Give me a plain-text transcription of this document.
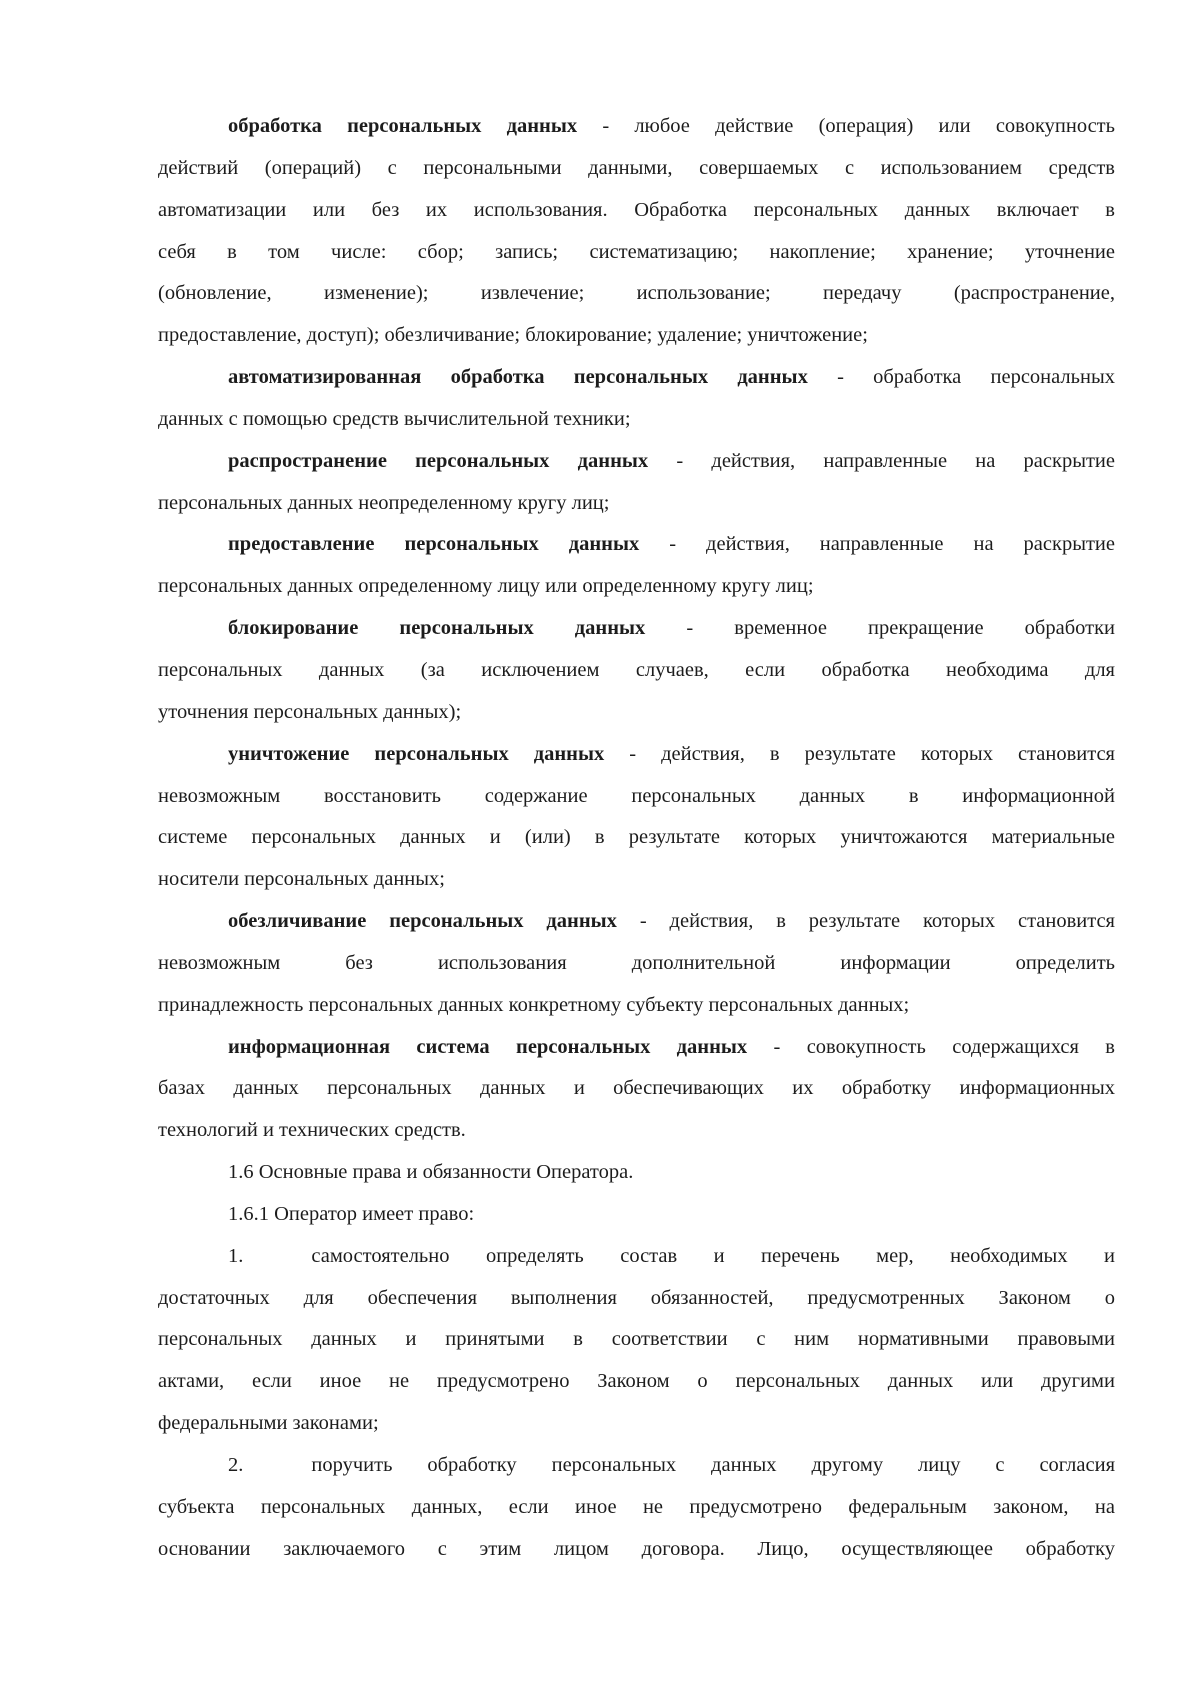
обработка персональных данных - любое действие (операция) или совокупность
действий (операций) с персональными данными, совершаемых с использованием средств
автоматизации или без их использования. Обработка персональных данных включает в
себя в том числе: сбор; запись; систематизацию; накопление; хранение; уточнение
(обновление, изменение); извлечение; использование; передачу (распространение,
предоставление, доступ); обезличивание; блокирование; удаление; уничтожение;

автоматизированная обработка персональных данных - обработка персональных
данных с помощью средств вычислительной техники;

распространение персональных данных - действия, направленные на раскрытие
персональных данных неопределенному кругу лиц;

предоставление персональных данных - действия, направленные на раскрытие
персональных данных определенному лицу или определенному кругу лиц;

блокирование персональных данных - временное прекращение обработки
персональных данных (за исключением случаев, если обработка необходима для
уточнения персональных данных);

уничтожение персональных данных - действия, в результате которых становится
невозможным восстановить содержание персональных данных в информационной
системе персональных данных и (или) в результате которых уничтожаются материальные
носители персональных данных;

обезличивание персональных данных - действия, в результате которых становится
невозможным без использования дополнительной информации определить
принадлежность персональных данных конкретному субъекту персональных данных;

информационная система персональных данных - совокупность содержащихся в
базах данных персональных данных и обеспечивающих их обработку информационных
технологий и технических средств.

1.6 Основные права и обязанности Оператора.

1.6.1 Оператор имеет право:

1.	самостоятельно определять состав и перечень мер, необходимых и
достаточных для обеспечения выполнения обязанностей, предусмотренных Законом о
персональных данных и принятыми в соответствии с ним нормативными правовыми
актами, если иное не предусмотрено Законом о персональных данных или другими
федеральными законами;

2.	поручить обработку персональных данных другому лицу с согласия
субъекта персональных данных, если иное не предусмотрено федеральным законом, на
основании заключаемого с этим лицом договора. Лицо, осуществляющее обработку
